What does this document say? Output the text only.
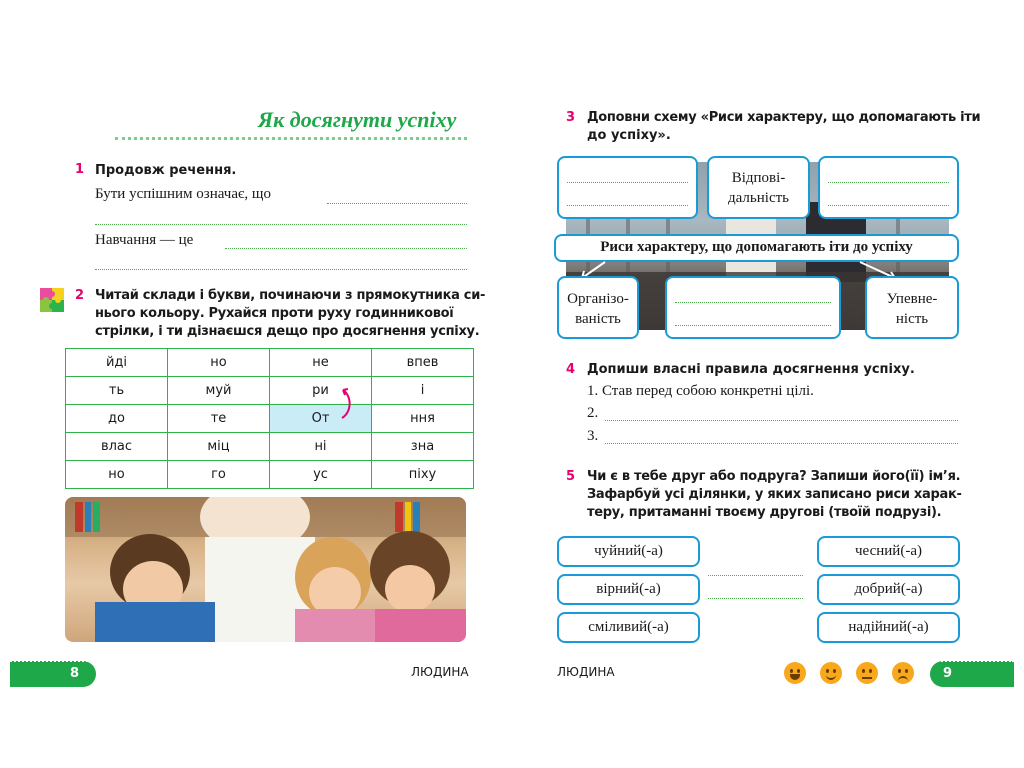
Як досягнути успіху
1 Продовж речення.
Бути успішним означає, що
Навчання — це
2 Читай склади і букви, починаючи з прямокутника си-
нього кольору. Рухайся проти руху годинникової
стрілки, і ти дізнаєшся дещо про досягнення успіху.
йді	но	не	впев
ть	муй	ри	і
до	те	От	ння
влас	міц	ні	зна
но	го	ус	піху
8	ЛЮДИНА
3 Доповни схему «Риси характеру, що допомагають іти
до успіху».
Відпові-
дальність
Риси характеру, що допомагають іти до успіху
Організо-
ваність
Упевне-
ність
4 Допиши власні правила досягнення успіху.
1. Став перед собою конкретні цілі.
2.
3.
5 Чи є в тебе друг або подруга? Запиши його(її) ім’я.
Зафарбуй усі ділянки, у яких записано риси харак-
теру, притаманні твоєму другові (твоїй подрузі).
чуйний(-а)
вірний(-а)
сміливий(-а)
чесний(-а)
добрий(-а)
надійний(-а)
ЛЮДИНА	9
